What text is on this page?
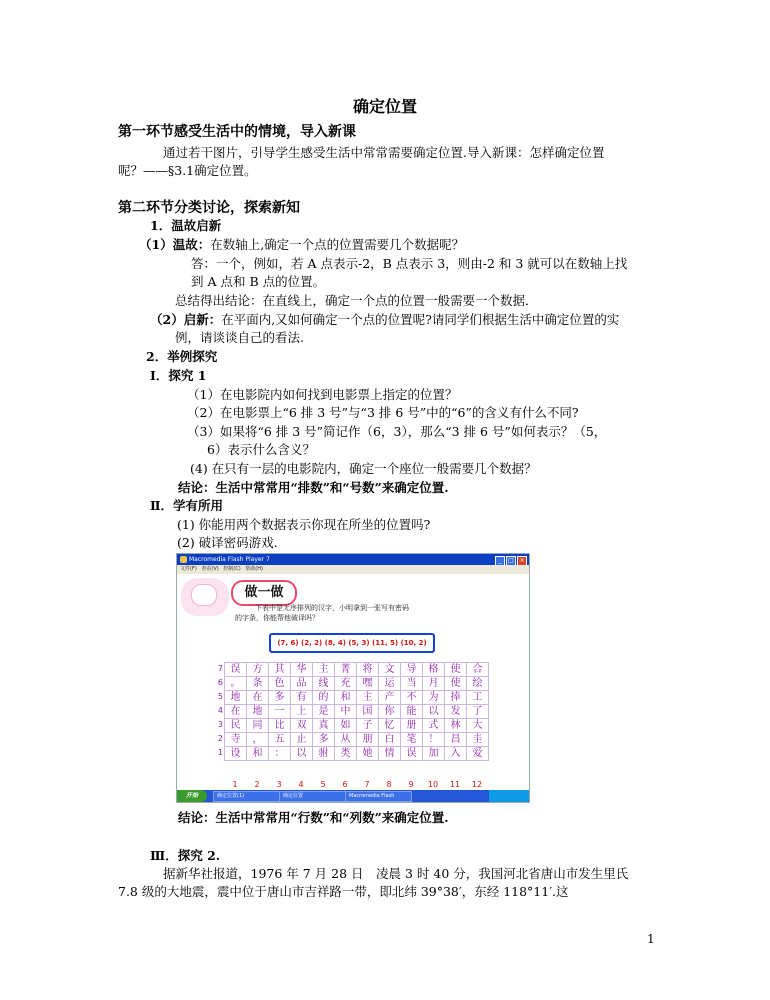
确定位置
第一环节感受生活中的情境，导入新课
通过若干图片，引导学生感受生活中常常需要确定位置.导入新课：怎样确定位置
呢？——§3.1确定位置。
第二环节分类讨论，探索新知
1．温故启新
（1）温故：在数轴上,确定一个点的位置需要几个数据呢？
答：一个，例如，若 A 点表示-2，B 点表示 3，则由-2 和 3 就可以在数轴上找
到 A 点和 B 点的位置。
总结得出结论：在直线上，确定一个点的位置一般需要一个数据．
（2）启新：在平面内,又如何确定一个点的位置呢?请同学们根据生活中确定位置的实
例，请谈谈自己的看法.
2．举例探究
Ⅰ．探究 1
（1）在电影院内如何找到电影票上指定的位置？
（2）在电影票上“6 排 3 号”与“3 排 6 号”中的“6”的含义有什么不同?
（3）如果将“6 排 3 号”简记作（6，3），那么“3 排 6 号”如何表示？（5，
6）表示什么含义？
(4) 在只有一层的电影院内，确定一个座位一般需要几个数据？
结论：生活中常常用“排数”和“号数”来确定位置.
Ⅱ．学有所用
(1) 你能用两个数据表示你现在所坐的位置吗?
(2) 破译密码游戏.
Macromedia Flash Player 7	_ □ ×
文件(F) 查看(V) 控制(C) 帮助(H)
做一做
下表中是无序排列的汉字，小明拿到一张写有密码
的字条，你能帮他破译吗？
(7, 6) (2, 2) (8, 4) (5, 3) (11, 5) (10, 2)
7
6
5
4
3
2
1
误	方	其	华	主	菁	将	文	导	格	使	合
。	条	色	品	线	充	嘿	运	当	月	使	绘
地	在	多	有	的	和	主	产	不	为	捧	工
在	地	一	上	是	中	国	你	能	以	发	了
民	同	比	双	真	如	子	忆	册	式	林	大
寺	，	五	止	多	从	朋	白	笔	！	昌	圭
设	和	：	以	驸	类	她	情	误	加	入	爱
1	2	3	4	5	6	7	8	9	10	11	12
开始	确定位置(1)	确定位置	Macromedia Flash
结论：生活中常常用“行数”和“列数”来确定位置.
Ⅲ．探究 2.
据新华社报道，1976 年 7 月 28 日　凌晨 3 时 40 分，我国河北省唐山市发生里氏
7.8 级的大地震，震中位于唐山市吉祥路一带，即北纬 39°38′，东经 118°11′.这
1
